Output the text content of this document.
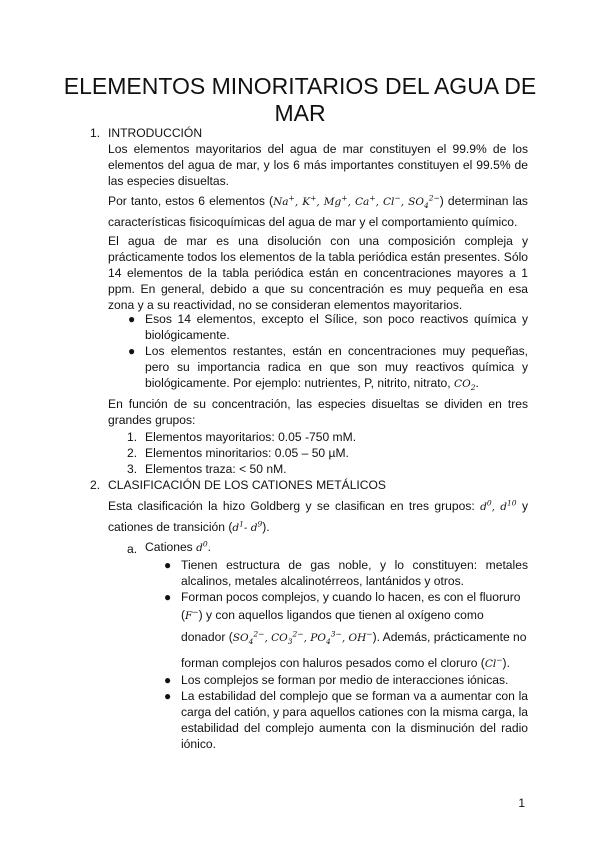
ELEMENTOS MINORITARIOS DEL AGUA DE MAR
1. INTRODUCCIÓN
Los elementos mayoritarios del agua de mar constituyen el 99.9% de los elementos del agua de mar, y los 6 más importantes constituyen el 99.5% de las especies disueltas.
Por tanto, estos 6 elementos (Na+, K+, Mg+, Ca+, Cl−, $SO_4^{2-}$) determinan las características fisicoquímicas del agua de mar y el comportamiento químico.
El agua de mar es una disolución con una composición compleja y prácticamente todos los elementos de la tabla periódica están presentes. Sólo 14 elementos de la tabla periódica están en concentraciones mayores a 1 ppm. En general, debido a que su concentración es muy pequeña en esa zona y a su reactividad, no se consideran elementos mayoritarios.
● Esos 14 elementos, excepto el Sílice, son poco reactivos química y biológicamente.
● Los elementos restantes, están en concentraciones muy pequeñas, pero su importancia radica en que son muy reactivos química y biológicamente. Por ejemplo: nutrientes, P, nitrito, nitrato, $CO_2$.
En función de su concentración, las especies disueltas se dividen en tres grandes grupos:
1. Elementos mayoritarios: 0.05 -750 mM.
2. Elementos minoritarios: 0.05 – 50 µM.
3. Elementos traza: < 50 nM.
2. CLASIFICACIÓN DE LOS CATIONES METÁLICOS
Esta clasificación la hizo Goldberg y se clasifican en tres grupos: $d^0$, $d^{10}$ y cationes de transición ($d^1-$ $d^9$).
a. Cationes $d^0$.
● Tienen estructura de gas noble, y lo constituyen: metales alcalinos, metales alcalinotérreos, lantánidos y otros.
● Forman pocos complejos, y cuando lo hacen, es con el fluoruro
(F−) y con aquellos ligandos que tienen al oxígeno como
donador ($SO_4^{2-}$, $CO_3^{2-}$, $PO_4^{3-}$, OH−). Además, prácticamente no
forman complejos con haluros pesados como el cloruro (Cl−).
● Los complejos se forman por medio de interacciones iónicas.
● La estabilidad del complejo que se forman va a aumentar con la carga del catión, y para aquellos cationes con la misma carga, la estabilidad del complejo aumenta con la disminución del radio iónico.
1
